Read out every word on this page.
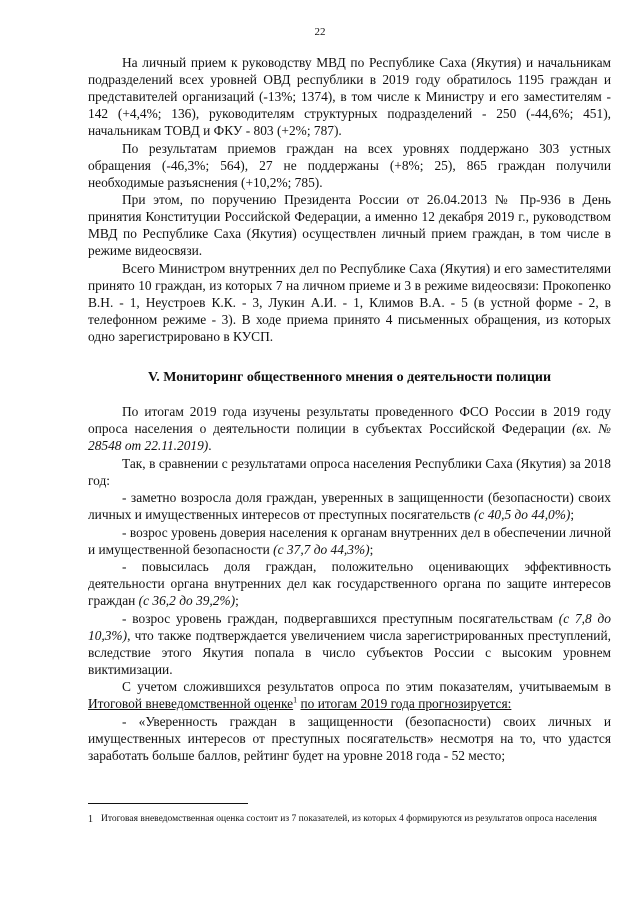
22

На личный прием к руководству МВД по Республике Саха (Якутия) и начальникам подразделений всех уровней ОВД республики в 2019 году обратилось 1195 граждан и представителей организаций (-13%; 1374), в том числе к Министру и его заместителям - 142 (+4,4%; 136), руководителям структурных подразделений - 250 (-44,6%; 451), начальникам ТОВД и ФКУ - 803 (+2%; 787).

По результатам приемов граждан на всех уровнях поддержано 303 устных обращения (-46,3%; 564), 27 не поддержаны (+8%; 25), 865 граждан получили необходимые разъяснения (+10,2%; 785).

При этом, по поручению Президента России от 26.04.2013 № Пр-936 в День принятия Конституции Российской Федерации, а именно 12 декабря 2019 г., руководством МВД по Республике Саха (Якутия) осуществлен личный прием граждан, в том числе в режиме видеосвязи.

Всего Министром внутренних дел по Республике Саха (Якутия) и его заместителями принято 10 граждан, из которых 7 на личном приеме и 3 в режиме видеосвязи: Прокопенко В.Н. - 1, Неустроев К.К. - 3, Лукин А.И. - 1, Климов В.А. - 5 (в устной форме - 2, в телефонном режиме - 3). В ходе приема принято 4 письменных обращения, из которых одно зарегистрировано в КУСП.

V. Мониторинг общественного мнения о деятельности полиции

По итогам 2019 года изучены результаты проведенного ФСО России в 2019 году опроса населения о деятельности полиции в субъектах Российской Федерации (вх. № 28548 от 22.11.2019).

Так, в сравнении с результатами опроса населения Республики Саха (Якутия) за 2018 год:

- заметно возросла доля граждан, уверенных в защищенности (безопасности) своих личных и имущественных интересов от преступных посягательств (с 40,5 до 44,0%);

- возрос уровень доверия населения к органам внутренних дел в обеспечении личной и имущественной безопасности (с 37,7 до 44,3%);

- повысилась доля граждан, положительно оценивающих эффективность деятельности органа внутренних дел как государственного органа по защите интересов граждан (с 36,2 до 39,2%);

- возрос уровень граждан, подвергавшихся преступным посягательствам (с 7,8 до 10,3%), что также подтверждается увеличением числа зарегистрированных преступлений, вследствие этого Якутия попала в число субъектов России с высоким уровнем виктимизации.

С учетом сложившихся результатов опроса по этим показателям, учитываемым в Итоговой вневедомственной оценке$^1$ по итогам 2019 года прогнозируется:

- «Уверенность граждан в защищенности (безопасности) своих личных и имущественных интересов от преступных посягательств» несмотря на то, что удастся заработать больше баллов, рейтинг будет на уровне 2018 года - 52 место;

1 Итоговая вневедомственная оценка состоит из 7 показателей, из которых 4 формируются из результатов опроса населения
